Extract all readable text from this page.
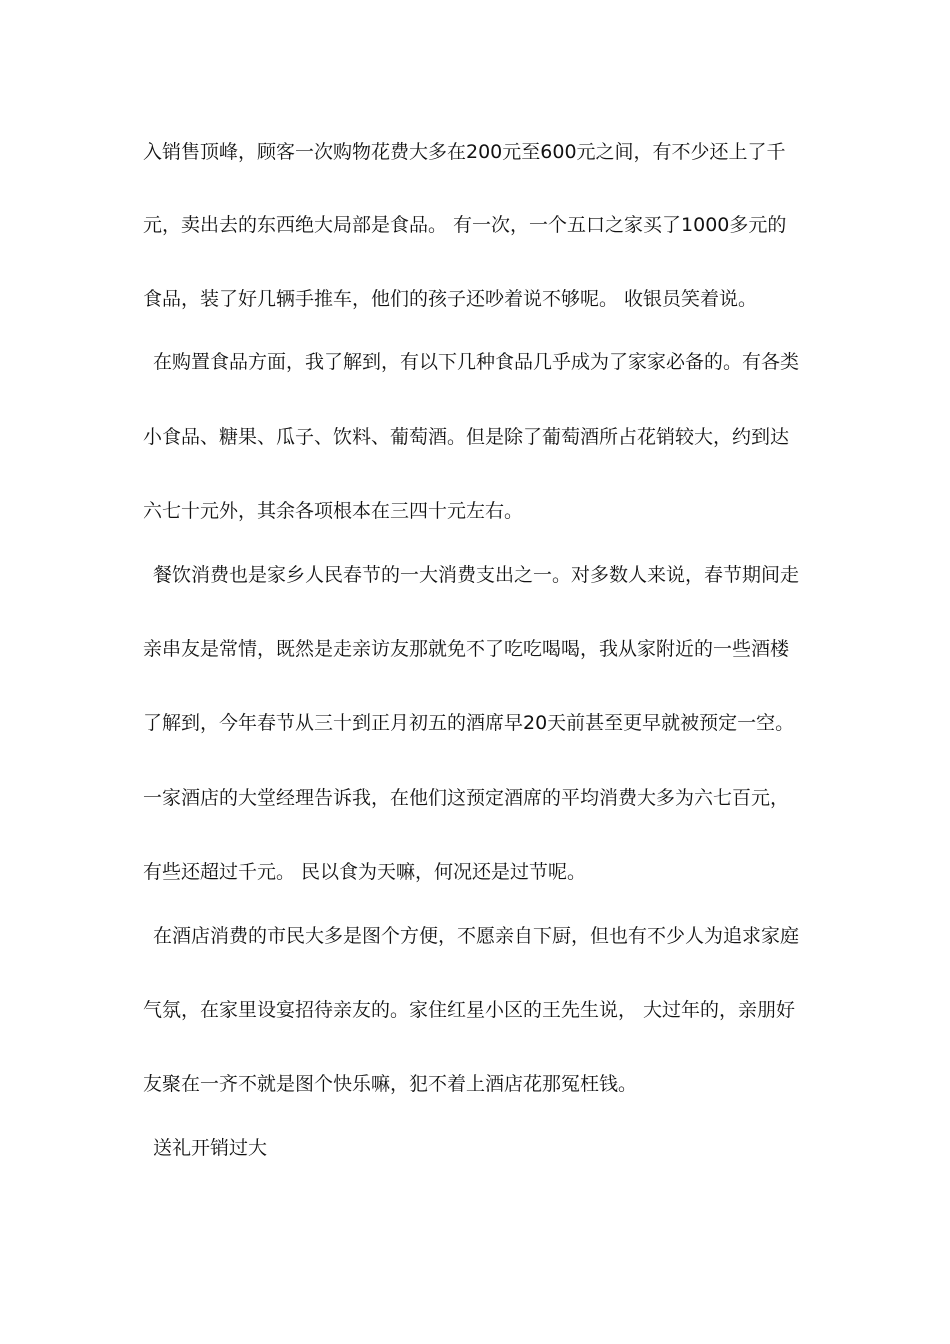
入销售顶峰，顾客一次购物花费大多在200元至600元之间，有不少还上了千
元，卖出去的东西绝大局部是食品。 有一次，一个五口之家买了1000多元的
食品，装了好几辆手推车，他们的孩子还吵着说不够呢。 收银员笑着说。
在购置食品方面，我了解到，有以下几种食品几乎成为了家家必备的。有各类
小食品、糖果、瓜子、饮料、葡萄酒。但是除了葡萄酒所占花销较大，约到达
六七十元外，其余各项根本在三四十元左右。
餐饮消费也是家乡人民春节的一大消费支出之一。对多数人来说，春节期间走
亲串友是常情，既然是走亲访友那就免不了吃吃喝喝，我从家附近的一些酒楼
了解到，今年春节从三十到正月初五的酒席早20天前甚至更早就被预定一空。
一家酒店的大堂经理告诉我，在他们这预定酒席的平均消费大多为六七百元，
有些还超过千元。 民以食为天嘛，何况还是过节呢。
在酒店消费的市民大多是图个方便，不愿亲自下厨，但也有不少人为追求家庭
气氛，在家里设宴招待亲友的。家住红星小区的王先生说， 大过年的，亲朋好
友聚在一齐不就是图个快乐嘛，犯不着上酒店花那冤枉钱。
送礼开销过大
